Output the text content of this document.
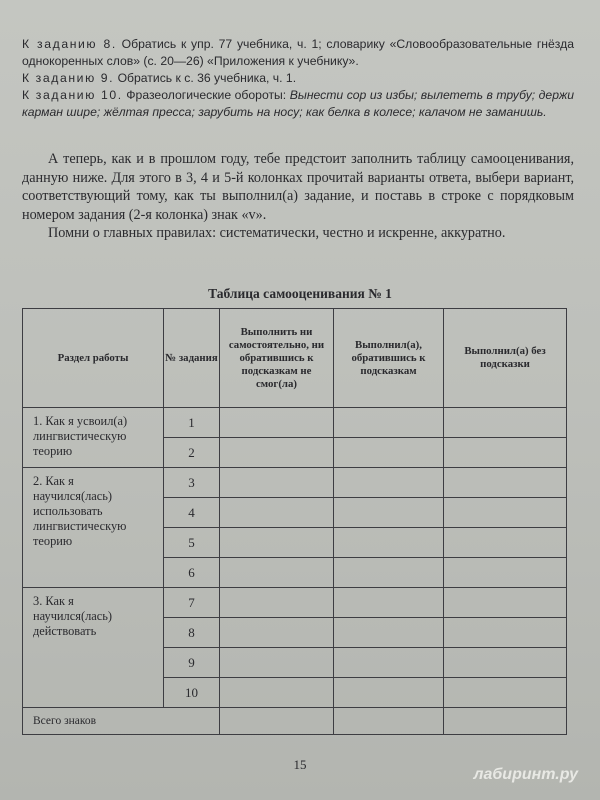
К заданию 8. Обратись к упр. 77 учебника, ч. 1; словарику «Словообразовательные гнёзда однокоренных слов» (с. 20—26) «Приложения к учебнику».
К заданию 9. Обратись к с. 36 учебника, ч. 1.
К заданию 10. Фразеологические обороты: Вынести сор из избы; вылететь в трубу; держи карман шире; жёлтая пресса; зарубить на носу; как белка в колесе; калачом не заманишь.

А теперь, как и в прошлом году, тебе предстоит заполнить таблицу самооценивания, данную ниже. Для этого в 3, 4 и 5-й колонках прочитай варианты ответа, выбери вариант, соответствующий тому, как ты выполнил(а) задание, и поставь в строке с порядковым номером задания (2-я колонка) знак «v».

Помни о главных правилах: систематически, честно и искренне, аккуратно.

Таблица самооценивания № 1
Раздел работы	№ задания	Выполнить ни самостоятельно, ни обратившись к подсказкам не смог(ла)	Выполнил(а), обратившись к подсказкам	Выполнил(а) без подсказки
1. Как я усвоил(а) лингвистическую теорию	1			
	2			
2. Как я научился(лась) использовать лингвистическую теорию	3			
	4			
	5			
	6			
3. Как я научился(лась) действовать	7			
	8			
	9			
	10			
Всего знаков				
15
лабиринт.ру
